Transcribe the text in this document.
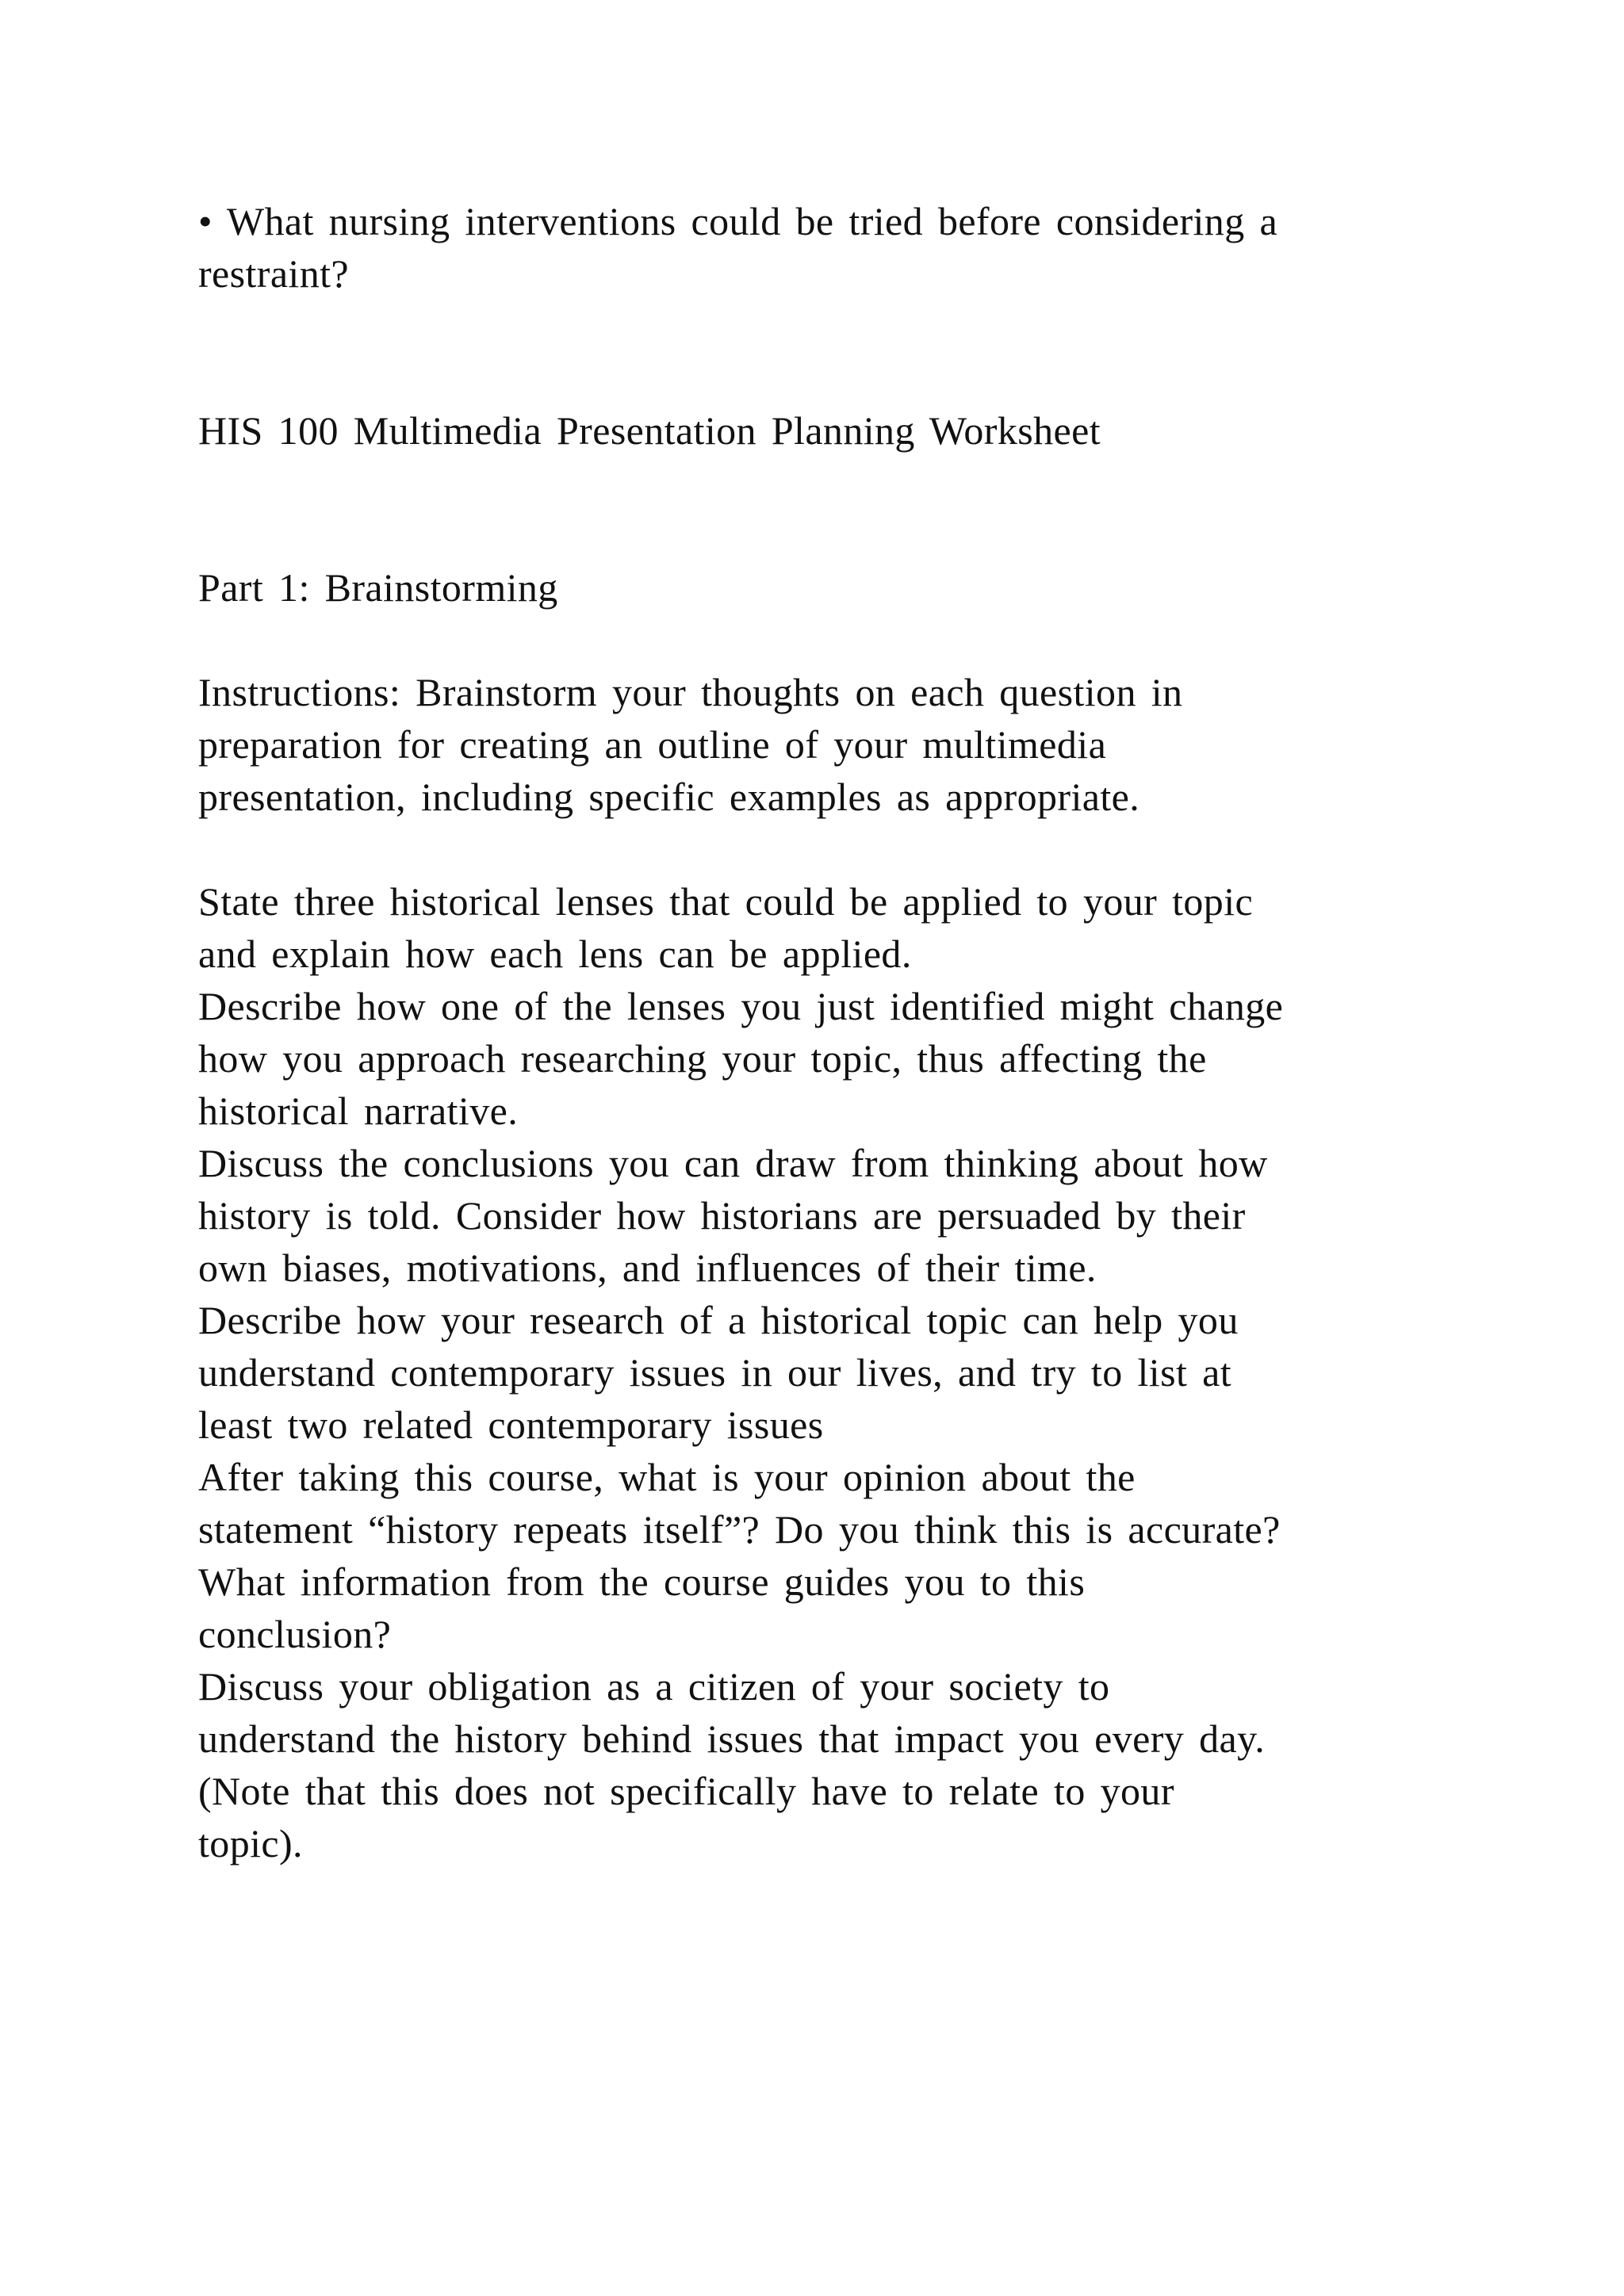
• What nursing interventions could be tried before considering a

restraint?

HIS 100 Multimedia Presentation Planning Worksheet

Part 1: Brainstorming

Instructions: Brainstorm your thoughts on each question in

preparation for creating an outline of your multimedia

presentation, including specific examples as appropriate.

State three historical lenses that could be applied to your topic

and explain how each lens can be applied.

Describe how one of the lenses you just identified might change

how you approach researching your topic, thus affecting the

historical narrative.

Discuss the conclusions you can draw from thinking about how

history is told. Consider how historians are persuaded by their

own biases, motivations, and influences of their time.

Describe how your research of a historical topic can help you

understand contemporary issues in our lives, and try to list at

least two related contemporary issues

After taking this course, what is your opinion about the

statement “history repeats itself”? Do you think this is accurate?

What information from the course guides you to this

conclusion?

Discuss your obligation as a citizen of your society to

understand the history behind issues that impact you every day.

(Note that this does not specifically have to relate to your

topic).
